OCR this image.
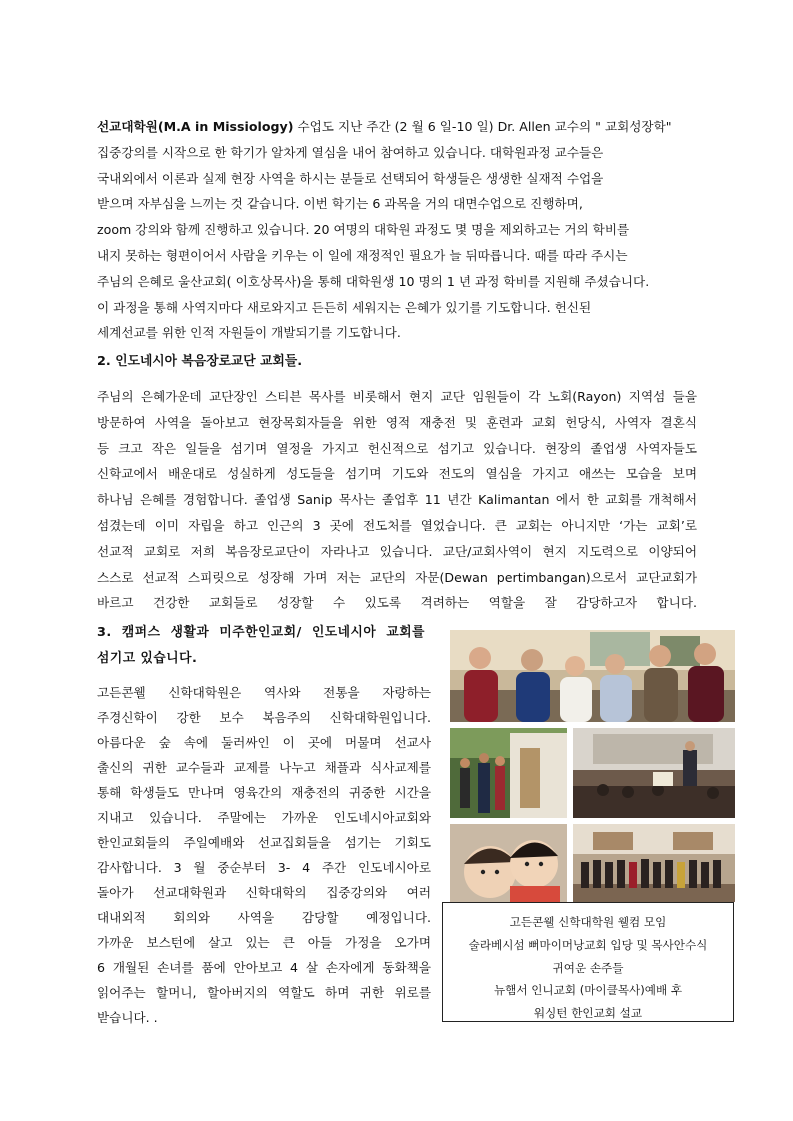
선교대학원(M.A in Missiology) 수업도 지난 주간 (2 월 6 일-10 일) Dr. Allen 교수의 " 교회성장학"
집중강의를 시작으로 한 학기가 알차게 열심을 내어 참여하고 있습니다. 대학원과정 교수들은
국내외에서 이론과 실제 현장 사역을 하시는 분들로 선택되어 학생들은 생생한 실재적 수업을
받으며 자부심을 느끼는 것 같습니다. 이번 학기는 6 과목을 거의 대면수업으로 진행하며,
zoom 강의와 함께 진행하고 있습니다. 20 여명의 대학원 과정도 몇 명을 제외하고는 거의 학비를
내지 못하는 형편이어서 사람을 키우는 이 일에 재정적인 필요가 늘 뒤따릅니다. 때를 따라 주시는
주님의 은혜로 울산교회( 이호상목사)을 통해 대학원생 10 명의 1 년 과정 학비를 지원해 주셨습니다.
이 과정을 통해 사역지마다 새로와지고 든든히 세워지는 은혜가 있기를 기도합니다. 헌신된
세계선교를 위한 인적 자원들이 개발되기를 기도합니다.
2. 인도네시아 복음장로교단 교회들.
주님의 은혜가운데 교단장인 스티븐 목사를 비롯해서 현지 교단 임원들이 각 노회(Rayon) 지역섬 들을
방문하여 사역을 돌아보고 현장목회자들을 위한 영적 재충전 및 훈련과 교회 헌당식, 사역자 결혼식
등 크고 작은 일들을 섬기며 열정을 가지고 헌신적으로 섬기고 있습니다. 현장의 졸업생 사역자들도
신학교에서 배운대로 성실하게 성도들을 섬기며 기도와 전도의 열심을 가지고 애쓰는 모습을 보며
하나님 은혜를 경험합니다. 졸업생 Sanip 목사는 졸업후 11 년간 Kalimantan 에서 한 교회를 개척해서
섬겼는데 이미 자립을 하고 인근의 3 곳에 전도처를 열었습니다. 큰 교회는 아니지만 ‘가는 교회’로
선교적 교회로 저희 복음장로교단이 자라나고 있습니다. 교단/교회사역이 현지 지도력으로 이양되어
스스로 선교적 스피릿으로 성장해 가며 저는 교단의 자문(Dewan pertimbangan)으로서 교단교회가
바르고 건강한 교회들로 성장할 수 있도록 격려하는 역할을 잘 감당하고자 합니다.
3. 캠퍼스 생활과 미주한인교회/ 인도네시아 교회를
섬기고 있습니다.
고든콘웰 신학대학원은 역사와 전통을 자랑하는
주경신학이 강한 보수 복음주의 신학대학원입니다.
아름다운 숲 속에 둘러싸인 이 곳에 머물며 선교사
출신의 귀한 교수들과 교제를 나누고 채플과 식사교제를
통해 학생들도 만나며 영육간의 재충전의 귀중한 시간을
지내고 있습니다. 주말에는 가까운 인도네시아교회와
한인교회들의 주일예배와 선교집회들을 섬기는 기회도
감사합니다. 3 월 중순부터 3- 4 주간 인도네시아로
돌아가 선교대학원과 신학대학의 집중강의와 여러
대내외적 회의와 사역을 감당할 예정입니다.
가까운 보스턴에 살고 있는 큰 아들 가정을 오가며
6 개월된 손녀를 품에 안아보고 4 살 손자에게 동화책을
읽어주는 할머니, 할아버지의 역할도 하며 귀한 위로를
받습니다. .
고든콘웰 신학대학원 웰컴 모임
술라베시섬 뻐마이머낭교회 입당 및 목사안수식
귀여운 손주들
뉴햄서 인니교회 (마이클목사)예배 후
워싱턴 한인교회 설교
